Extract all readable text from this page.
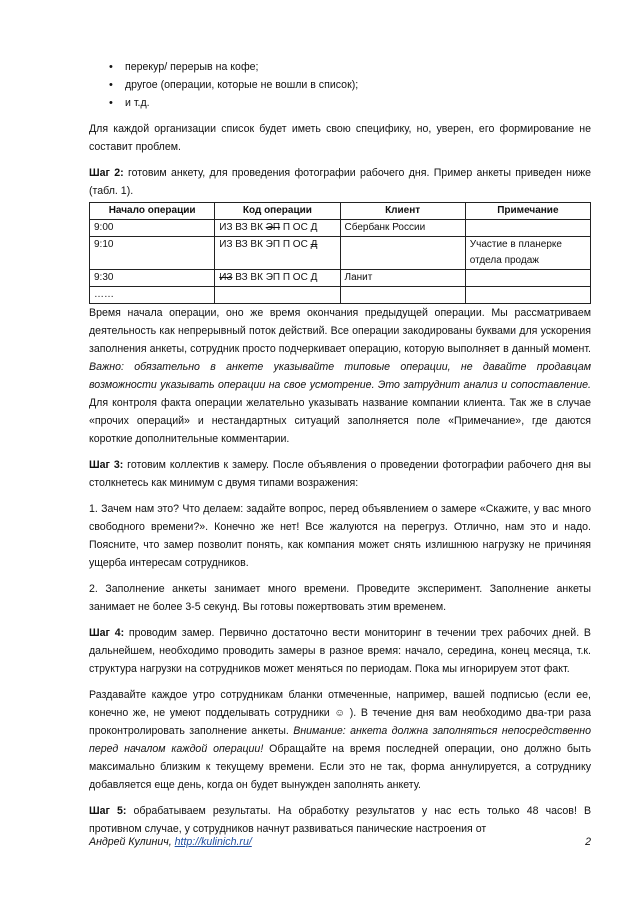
• перекур/ перерыв на кофе;
• другое (операции, которые не вошли в список);
• и т.д.

Для каждой организации список будет иметь свою специфику, но, уверен, его формирование не составит проблем.

Шаг 2: готовим анкету, для проведения фотографии рабочего дня. Пример анкеты приведен ниже (табл. 1).

Начало операции	Код операции	Клиент	Примечание
9:00	ИЗ ВЗ ВК ЭП П ОС Д	Сбербанк России	
9:10	ИЗ ВЗ ВК ЭП П ОС Д		Участие в планерке отдела продаж
9:30	ИЗ ВЗ ВК ЭП П ОС Д	Ланит	
……			

Время начала операции, оно же время окончания предыдущей операции. Мы рассматриваем деятельность как непрерывный поток действий. Все операции закодированы буквами для ускорения заполнения анкеты, сотрудник просто подчеркивает операцию, которую выполняет в данный момент. Важно: обязательно в анкете указывайте типовые операции, не давайте продавцам возможности указывать операции на свое усмотрение. Это затруднит анализ и сопоставление. Для контроля факта операции желательно указывать название компании клиента. Так же в случае «прочих операций» и нестандартных ситуаций заполняется поле «Примечание», где даются короткие дополнительные комментарии.

Шаг 3: готовим коллектив к замеру. После объявления о проведении фотографии рабочего дня вы столкнетесь как минимум с двумя типами возражения:

1. Зачем нам это? Что делаем: задайте вопрос, перед объявлением о замере «Скажите, у вас много свободного времени?». Конечно же нет! Все жалуются на перегруз. Отлично, нам это и надо. Поясните, что замер позволит понять, как компания может снять излишнюю нагрузку не причиняя ущерба интересам сотрудников.

2. Заполнение анкеты занимает много времени. Проведите эксперимент. Заполнение анкеты занимает не более 3-5 секунд. Вы готовы пожертвовать этим временем.

Шаг 4: проводим замер. Первично достаточно вести мониторинг в течении трех рабочих дней. В дальнейшем, необходимо проводить замеры в разное время: начало, середина, конец месяца, т.к. структура нагрузки на сотрудников может меняться по периодам. Пока мы игнорируем этот факт.

Раздавайте каждое утро сотрудникам бланки отмеченные, например, вашей подписью (если ее, конечно же, не умеют подделывать сотрудники ☺ ). В течение дня вам необходимо два-три раза проконтролировать заполнение анкеты. Внимание: анкета должна заполняться непосредственно перед началом каждой операции! Обращайте на время последней операции, оно должно быть максимально близким к текущему времени. Если это не так, форма аннулируется, а сотруднику добавляется еще день, когда он будет вынужден заполнять анкету.

Шаг 5: обрабатываем результаты. На обработку результатов у нас есть только 48 часов! В противном случае, у сотрудников начнут развиваться панические настроения от

Андрей Кулинич, http://kulinich.ru/	2
